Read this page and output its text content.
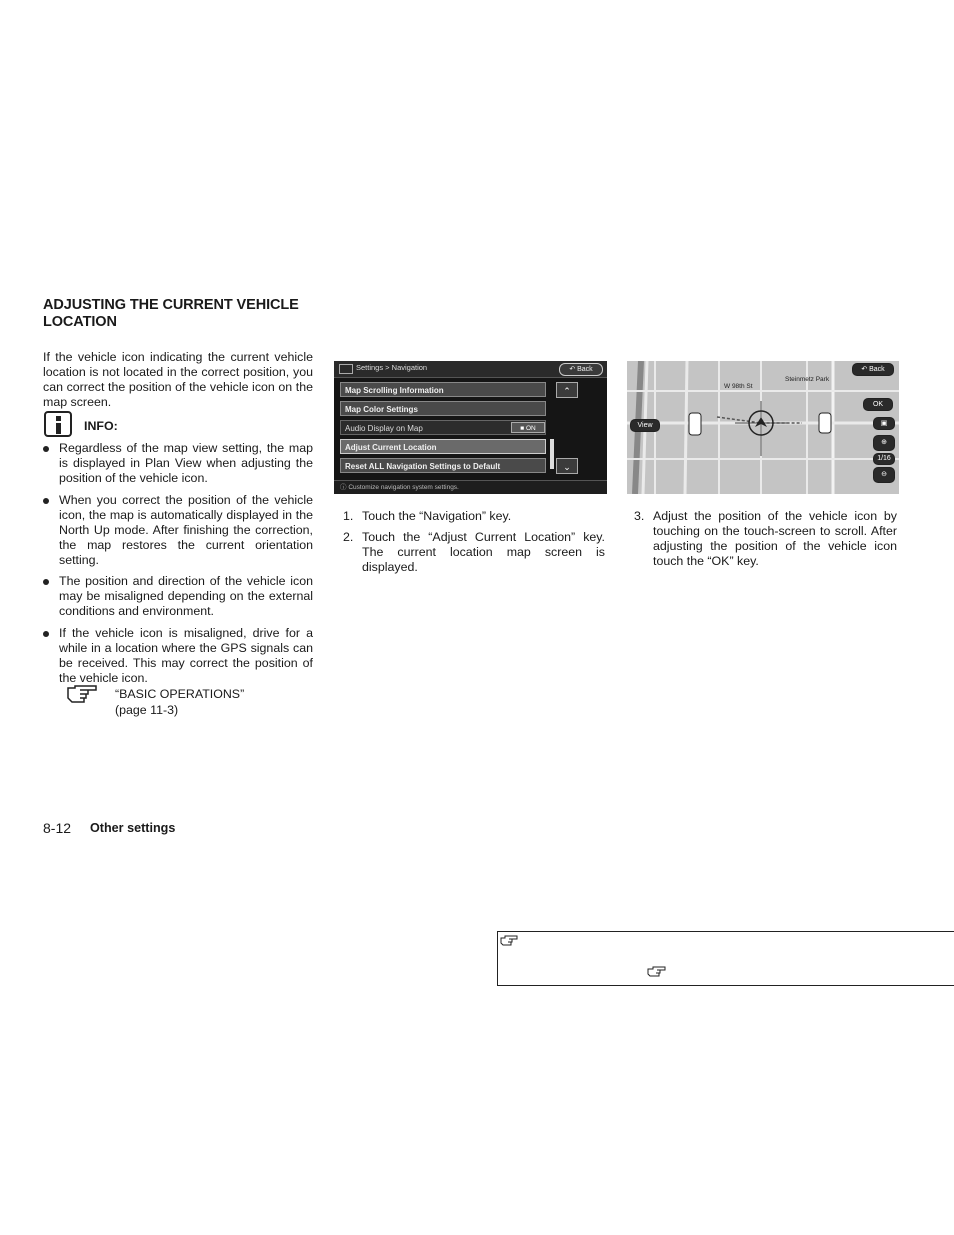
ADJUSTING THE CURRENT VEHICLE LOCATION
If the vehicle icon indicating the current vehicle location is not located in the correct position, you can correct the position of the vehicle icon on the map screen.
INFO:
Regardless of the map view setting, the map is displayed in Plan View when adjusting the position of the vehicle icon.
When you correct the position of the vehicle icon, the map is automatically displayed in the North Up mode. After finishing the correction, the map restores the current orientation setting.
The position and direction of the vehicle icon may be misaligned depending on the external conditions and environment.
If the vehicle icon is misaligned, drive for a while in a location where the GPS signals can be received. This may correct the position of the vehicle icon.
“BASIC OPERATIONS”
(page 11-3)
8-12 Other settings
Settings > Navigation	↶ Back
Map Scrolling Information
Map Color Settings
Audio Display on Map	■ ON
Adjust Current Location
Reset ALL Navigation Settings to Default
⌃
⌄
ⓘ Customize navigation system settings.
W 98th St
Steinmetz Park
↶ Back
OK
View	▣
⊕
1/16
⊖
1. Touch the “Navigation” key.
2. Touch the “Adjust Current Location” key. The current location map screen is displayed.
3. Adjust the position of the vehicle icon by touching on the touch-screen to scroll. After adjusting the position of the vehicle icon touch the “OK” key.
